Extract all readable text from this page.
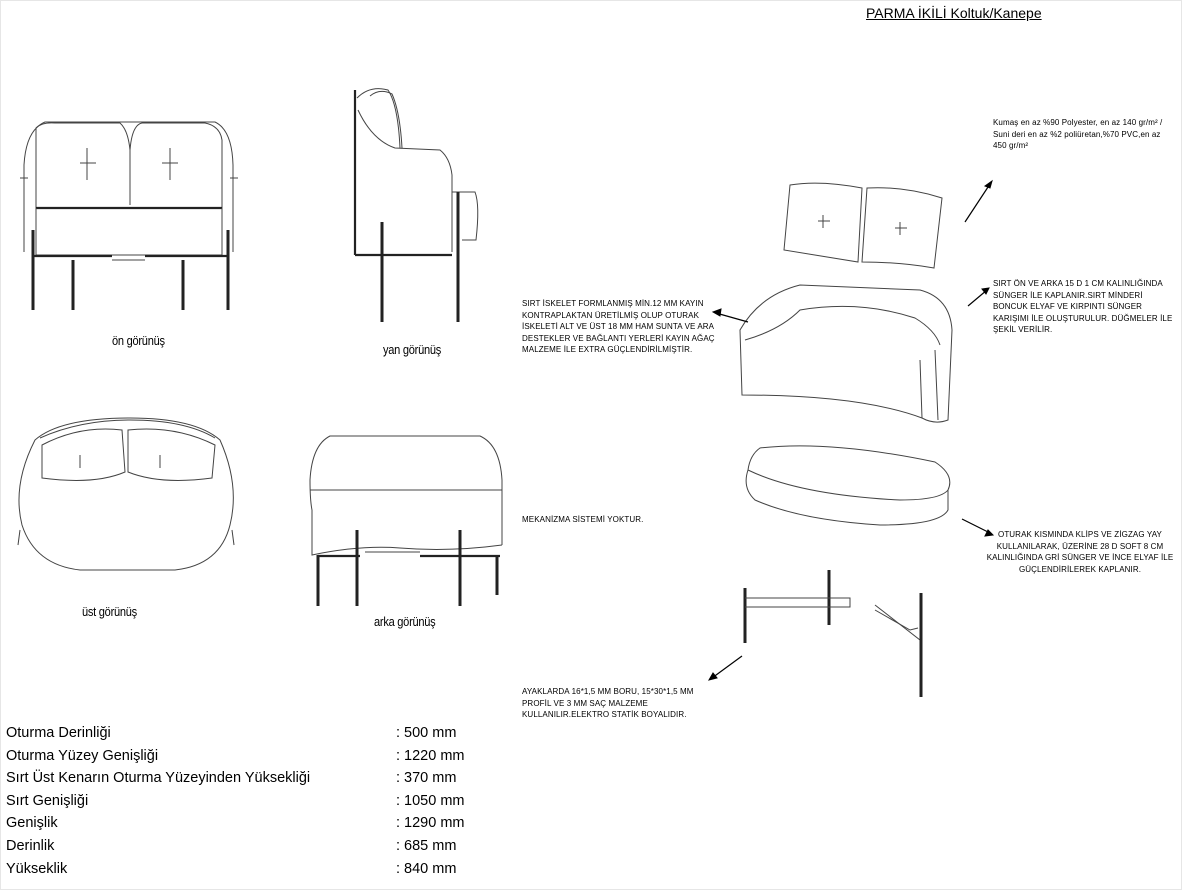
PARMA İKİLİ Koltuk/Kanepe
ön görünüş
yan görünüş
üst görünüş
arka görünüş
Kumaş en az %90 Polyester, en az 140 gr/m² / Suni deri en az %2 poliüretan,%70 PVC,en az 450 gr/m²
SIRT İSKELET FORMLANMIŞ MİN.12 MM KAYIN KONTRAPLAKTAN ÜRETİLMİŞ OLUP OTURAK İSKELETİ ALT VE ÜST 18 MM HAM SUNTA VE ARA DESTEKLER VE BAĞLANTI YERLERİ KAYIN AĞAÇ MALZEME İLE EXTRA GÜÇLENDİRİLMİŞTİR.
SIRT ÖN VE ARKA 15 D 1 CM KALINLIĞINDA SÜNGER İLE KAPLANIR.SIRT MİNDERİ BONCUK ELYAF VE KIRPINTI SÜNGER KARIŞIMI İLE OLUŞTURULUR. DÜĞMELER İLE ŞEKİL VERİLİR.
MEKANİZMA SİSTEMİ YOKTUR.
OTURAK KISMINDA KLİPS VE ZİGZAG YAY KULLANILARAK, ÜZERİNE 28 D SOFT 8 CM KALINLIĞINDA GRİ SÜNGER VE İNCE ELYAF İLE GÜÇLENDİRİLEREK KAPLANIR.
AYAKLARDA 16*1,5 MM BORU, 15*30*1,5 MM PROFİL VE 3 MM SAÇ MALZEME KULLANILIR.ELEKTRO STATİK BOYALIDIR.
Oturma Derinliği	: 500 mm
Oturma Yüzey Genişliği	: 1220 mm
Sırt Üst Kenarın Oturma Yüzeyinden Yüksekliği	: 370 mm
Sırt Genişliği	: 1050 mm
Genişlik	: 1290 mm
Derinlik	: 685 mm
Yükseklik	: 840 mm
